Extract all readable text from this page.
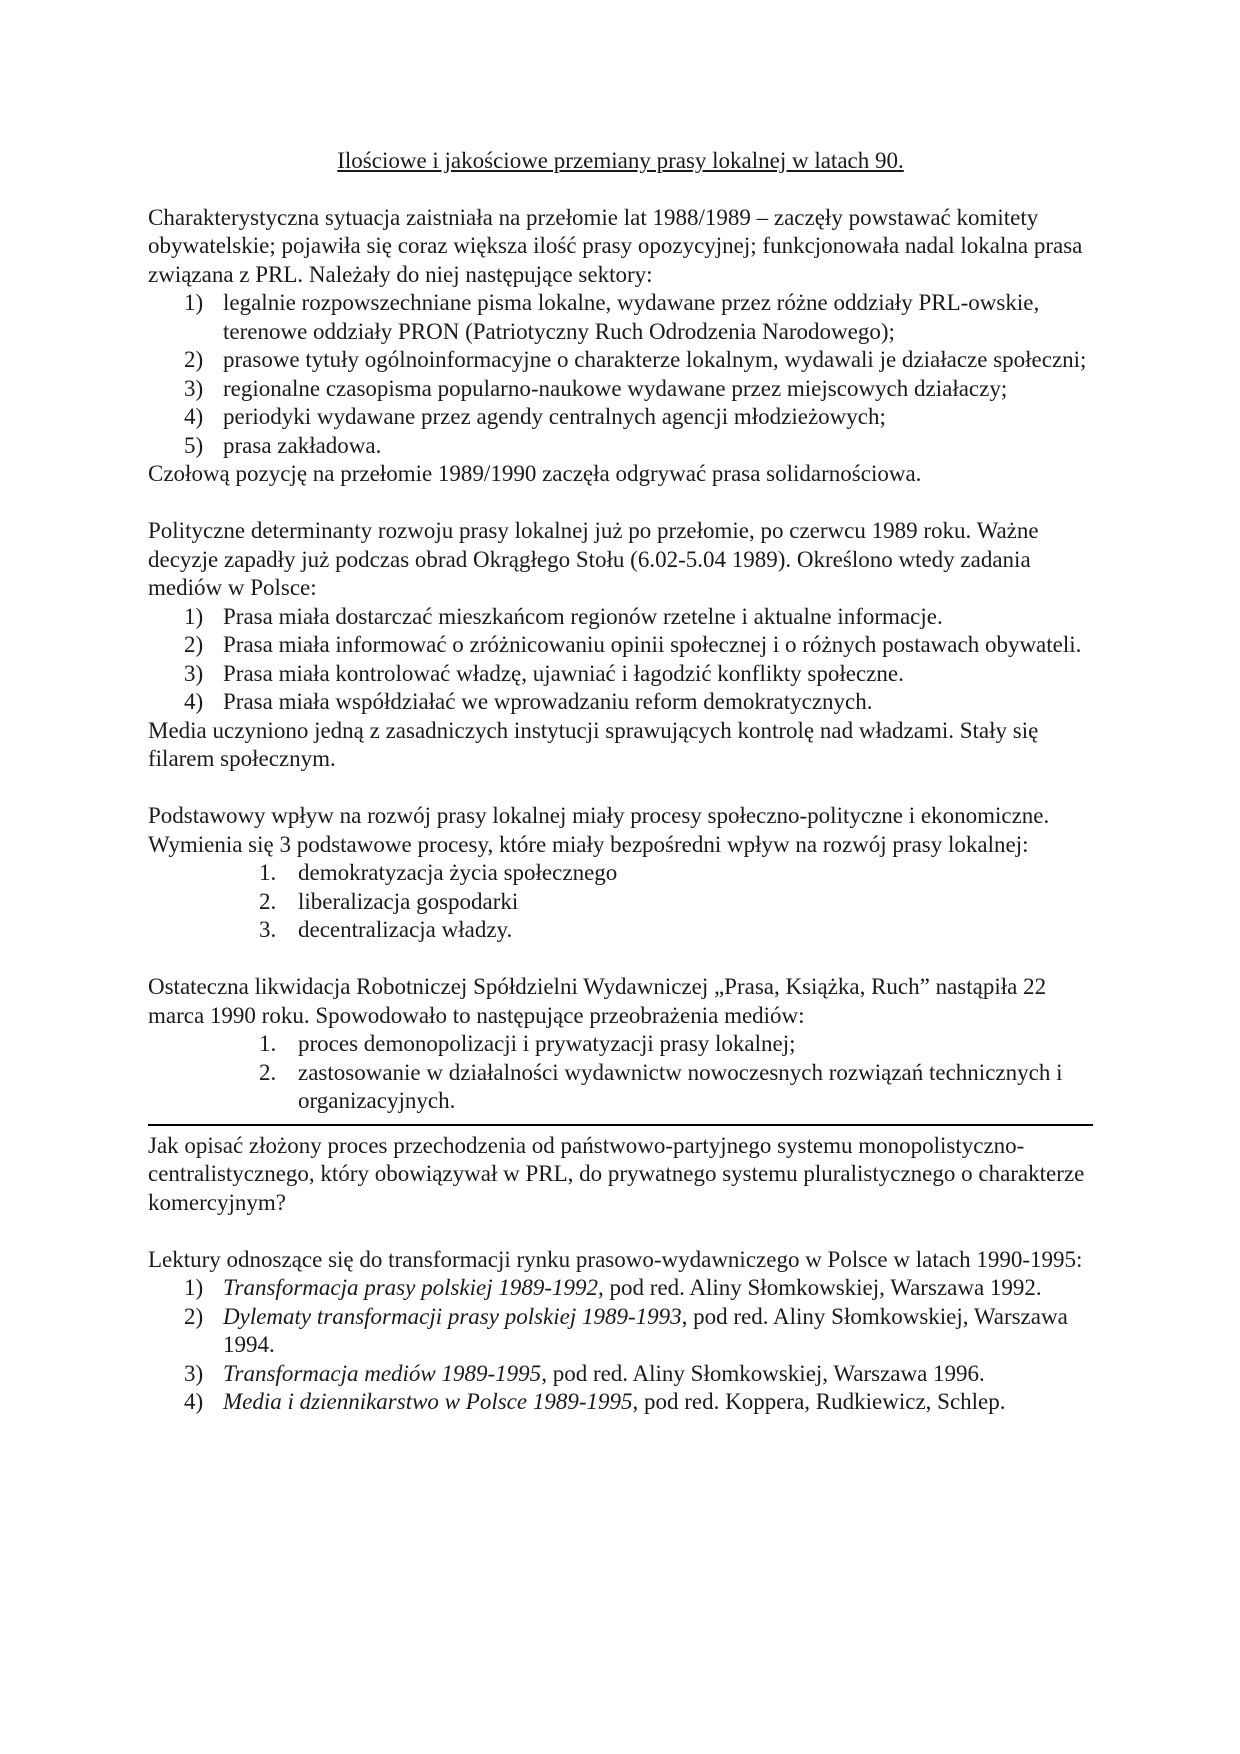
Ilościowe i jakościowe przemiany prasy lokalnej w latach 90.

Charakterystyczna sytuacja zaistniała na przełomie lat 1988/1989 – zaczęły powstawać komitety obywatelskie; pojawiła się coraz większa ilość prasy opozycyjnej; funkcjonowała nadal lokalna prasa związana z PRL. Należały do niej następujące sektory:

1) legalnie rozpowszechniane pisma lokalne, wydawane przez różne oddziały PRL-owskie, terenowe oddziały PRON (Patriotyczny Ruch Odrodzenia Narodowego);
2) prasowe tytuły ogólnoinformacyjne o charakterze lokalnym, wydawali je działacze społeczni;
3) regionalne czasopisma popularno-naukowe wydawane przez miejscowych działaczy;
4) periodyki wydawane przez agendy centralnych agencji młodzieżowych;
5) prasa zakładowa.

Czołową pozycję na przełomie 1989/1990 zaczęła odgrywać prasa solidarnościowa.

Polityczne determinanty rozwoju prasy lokalnej już po przełomie, po czerwcu 1989 roku. Ważne decyzje zapadły już podczas obrad Okrągłego Stołu (6.02-5.04 1989). Określono wtedy zadania mediów w Polsce:

1) Prasa miała dostarczać mieszkańcom regionów rzetelne i aktualne informacje.
2) Prasa miała informować o zróżnicowaniu opinii społecznej i o różnych postawach obywateli.
3) Prasa miała kontrolować władzę, ujawniać i łagodzić konflikty społeczne.
4) Prasa miała współdziałać we wprowadzaniu reform demokratycznych.

Media uczyniono jedną z zasadniczych instytucji sprawujących kontrolę nad władzami. Stały się filarem społecznym.

Podstawowy wpływ na rozwój prasy lokalnej miały procesy społeczno-polityczne i ekonomiczne. Wymienia się 3 podstawowe procesy, które miały bezpośredni wpływ na rozwój prasy lokalnej:

1. demokratyzacja życia społecznego
2. liberalizacja gospodarki
3. decentralizacja władzy.

Ostateczna likwidacja Robotniczej Spółdzielni Wydawniczej „Prasa, Książka, Ruch” nastąpiła 22 marca 1990 roku. Spowodowało to następujące przeobrażenia mediów:

1. proces demonopolizacji i prywatyzacji prasy lokalnej;
2. zastosowanie w działalności wydawnictw nowoczesnych rozwiązań technicznych i organizacyjnych.

Jak opisać złożony proces przechodzenia od państwowo-partyjnego systemu monopolistyczno-centralistycznego, który obowiązywał w PRL, do prywatnego systemu pluralistycznego o charakterze komercyjnym?

Lektury odnoszące się do transformacji rynku prasowo-wydawniczego w Polsce w latach 1990-1995:

1) Transformacja prasy polskiej 1989-1992, pod red. Aliny Słomkowskiej, Warszawa 1992.
2) Dylematy transformacji prasy polskiej 1989-1993, pod red. Aliny Słomkowskiej, Warszawa 1994.
3) Transformacja mediów 1989-1995, pod red. Aliny Słomkowskiej, Warszawa 1996.
4) Media i dziennikarstwo w Polsce 1989-1995, pod red. Koppera, Rudkiewicz, Schlep.
